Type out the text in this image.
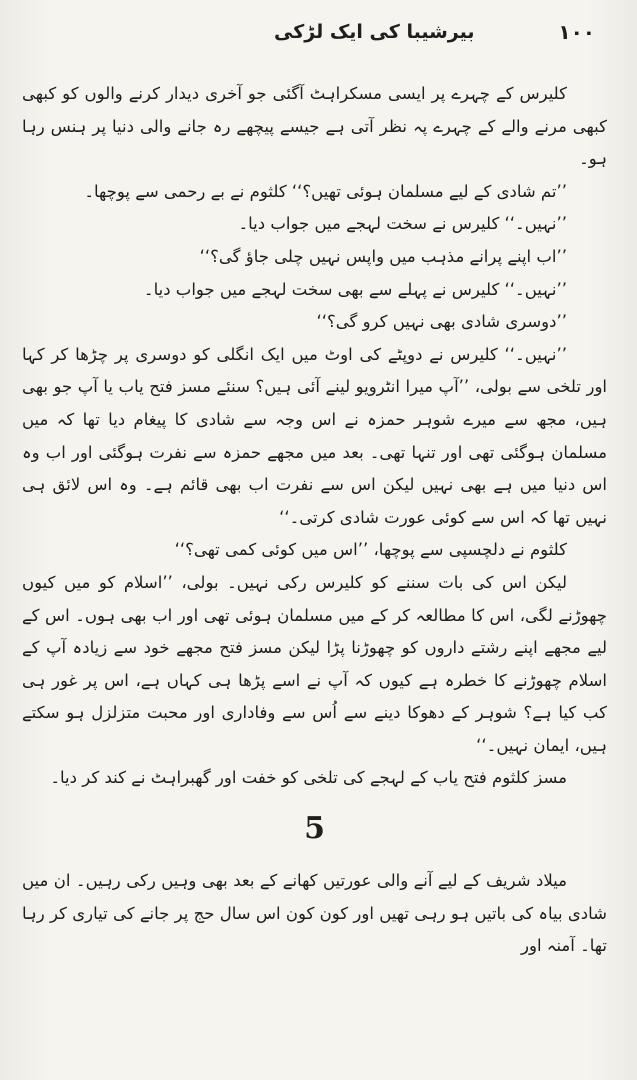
۱۰۰
بیرشیبا کی ایک لڑکی

کلیرس کے چہرے پر ایسی مسکراہٹ آگئی جو آخری دیدار کرنے والوں کو کبھی کبھی مرنے والے کے چہرے پہ نظر آتی ہے جیسے پیچھے رہ جانے والی دنیا پر ہنس رہا ہو۔

’’تم شادی کے لیے مسلمان ہوئی تھیں؟‘‘ کلثوم نے بے رحمی سے پوچھا۔

’’نہیں۔‘‘ کلیرس نے سخت لہجے میں جواب دیا۔

’’اب اپنے پرانے مذہب میں واپس نہیں چلی جاؤ گی؟‘‘

’’نہیں۔‘‘ کلیرس نے پہلے سے بھی سخت لہجے میں جواب دیا۔

’’دوسری شادی بھی نہیں کرو گی؟‘‘

’’نہیں۔‘‘ کلیرس نے دوپٹے کی اوٹ میں ایک انگلی کو دوسری پر چڑھا کر کہا اور تلخی سے بولی، ’’آپ میرا انٹرویو لینے آئی ہیں؟ سنئے مسز فتح یاب یا آپ جو بھی ہیں، مجھ سے میرے شوہر حمزہ نے اس وجہ سے شادی کا پیغام دیا تھا کہ میں مسلمان ہوگئی تھی اور تنہا تھی۔ بعد میں مجھے حمزہ سے نفرت ہوگئی اور اب وہ اس دنیا میں ہے بھی نہیں لیکن اس سے نفرت اب بھی قائم ہے۔ وہ اس لائق ہی نہیں تھا کہ اس سے کوئی عورت شادی کرتی۔‘‘

کلثوم نے دلچسپی سے پوچھا، ’’اس میں کوئی کمی تھی؟‘‘

لیکن اس کی بات سننے کو کلیرس رکی نہیں۔ بولی، ’’اسلام کو میں کیوں چھوڑنے لگی، اس کا مطالعہ کر کے میں مسلمان ہوئی تھی اور اب بھی ہوں۔ اس کے لیے مجھے اپنے رشتے داروں کو چھوڑنا پڑا لیکن مسز فتح مجھے خود سے زیادہ آپ کے اسلام چھوڑنے کا خطرہ ہے کیوں کہ آپ نے اسے پڑھا ہی کہاں ہے، اس پر غور ہی کب کیا ہے؟ شوہر کے دھوکا دینے سے اُس سے وفاداری اور محبت متزلزل ہو سکتے ہیں، ایمان نہیں۔‘‘

مسز کلثوم فتح یاب کے لہجے کی تلخی کو خفت اور گھبراہٹ نے کند کر دیا۔

5

میلاد شریف کے لیے آنے والی عورتیں کھانے کے بعد بھی وہیں رکی رہیں۔ ان میں شادی بیاہ کی باتیں ہو رہی تھیں اور کون کون اس سال حج پر جانے کی تیاری کر رہا تھا۔ آمنہ اور
